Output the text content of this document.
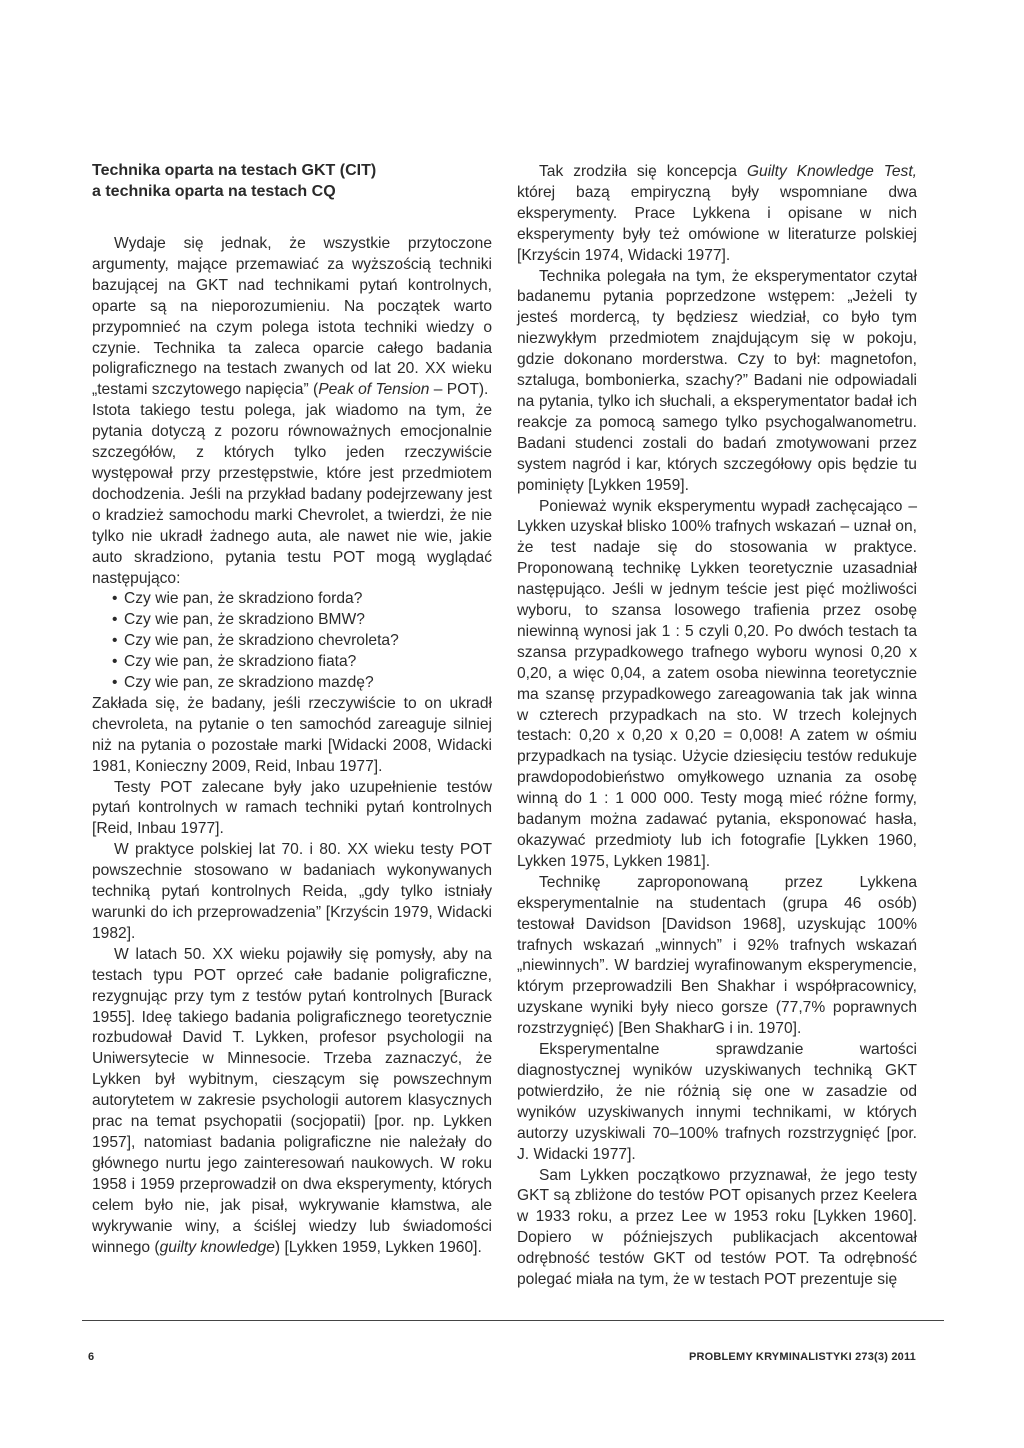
Technika oparta na testach GKT (CIT)
a technika oparta na testach CQ

Wydaje się jednak, że wszystkie przytoczone argumenty, mające przemawiać za wyższością techniki bazującej na GKT nad technikami pytań kontrolnych, oparte są na nieporozumieniu. Na początek warto przypomnieć na czym polega istota techniki wiedzy o czynie. Technika ta zaleca oparcie całego badania poligraficznego na testach zwanych od lat 20. XX wieku „testami szczytowego napięcia” (Peak of Tension – POT).

Istota takiego testu polega, jak wiadomo na tym, że pytania dotyczą z pozoru równoważnych emocjonalnie szczegółów, z których tylko jeden rzeczywiście występował przy przestępstwie, które jest przedmiotem dochodzenia. Jeśli na przykład badany podejrzewany jest o kradzież samochodu marki Chevrolet, a twierdzi, że nie tylko nie ukradł żadnego auta, ale nawet nie wie, jakie auto skradziono, pytania testu POT mogą wyglądać następująco:

• Czy wie pan, że skradziono forda?
• Czy wie pan, że skradziono BMW?
• Czy wie pan, że skradziono chevroleta?
• Czy wie pan, że skradziono fiata?
• Czy wie pan, ze skradziono mazdę?

Zakłada się, że badany, jeśli rzeczywiście to on ukradł chevroleta, na pytanie o ten samochód zareaguje silniej niż na pytania o pozostałe marki [Widacki 2008, Widacki 1981, Konieczny 2009, Reid, Inbau 1977].

Testy POT zalecane były jako uzupełnienie testów pytań kontrolnych w ramach techniki pytań kontrolnych [Reid, Inbau 1977].

W praktyce polskiej lat 70. i 80. XX wieku testy POT powszechnie stosowano w badaniach wykonywanych techniką pytań kontrolnych Reida, „gdy tylko istniały warunki do ich przeprowadzenia” [Krzyścin 1979, Widacki 1982].

W latach 50. XX wieku pojawiły się pomysły, aby na testach typu POT oprzeć całe badanie poligraficzne, rezygnując przy tym z testów pytań kontrolnych [Burack 1955]. Ideę takiego badania poligraficznego teoretycznie rozbudował David T. Lykken, profesor psychologii na Uniwersytecie w Minnesocie. Trzeba zaznaczyć, że Lykken był wybitnym, cieszącym się powszechnym autorytetem w zakresie psychologii autorem klasycznych prac na temat psychopatii (socjopatii) [por. np. Lykken 1957], natomiast badania poligraficzne nie należały do głównego nurtu jego zainteresowań naukowych. W roku 1958 i 1959 przeprowadził on dwa eksperymenty, których celem było nie, jak pisał, wykrywanie kłamstwa, ale wykrywanie winy, a ściślej wiedzy lub świadomości winnego (guilty knowledge) [Lykken 1959, Lykken 1960].

Tak zrodziła się koncepcja Guilty Knowledge Test, której bazą empiryczną były wspomniane dwa eksperymenty. Prace Lykkena i opisane w nich eksperymenty były też omówione w literaturze polskiej [Krzyścin 1974, Widacki 1977].

Technika polegała na tym, że eksperymentator czytał badanemu pytania poprzedzone wstępem: „Jeżeli ty jesteś mordercą, ty będziesz wiedział, co było tym niezwykłym przedmiotem znajdującym się w pokoju, gdzie dokonano morderstwa. Czy to był: magnetofon, sztaluga, bombonierka, szachy?” Badani nie odpowiadali na pytania, tylko ich słuchali, a eksperymentator badał ich reakcje za pomocą samego tylko psychogalwanometru. Badani studenci zostali do badań zmotywowani przez system nagród i kar, których szczegółowy opis będzie tu pominięty [Lykken 1959].

Ponieważ wynik eksperymentu wypadł zachęcająco – Lykken uzyskał blisko 100% trafnych wskazań – uznał on, że test nadaje się do stosowania w praktyce. Proponowaną technikę Lykken teoretycznie uzasadniał następująco. Jeśli w jednym teście jest pięć możliwości wyboru, to szansa losowego trafienia przez osobę niewinną wynosi jak 1 : 5 czyli 0,20. Po dwóch testach ta szansa przypadkowego trafnego wyboru wynosi 0,20 x 0,20, a więc 0,04, a zatem osoba niewinna teoretycznie ma szansę przypadkowego zareagowania tak jak winna w czterech przypadkach na sto. W trzech kolejnych testach: 0,20 x 0,20 x 0,20 = 0,008! A zatem w ośmiu przypadkach na tysiąc. Użycie dziesięciu testów redukuje prawdopodobieństwo omyłkowego uznania za osobę winną do 1 : 1 000 000. Testy mogą mieć różne formy, badanym można zadawać pytania, eksponować hasła, okazywać przedmioty lub ich fotografie [Lykken 1960, Lykken 1975, Lykken 1981].

Technikę zaproponowaną przez Lykkena eksperymentalnie na studentach (grupa 46 osób) testował Davidson [Davidson 1968], uzyskując 100% trafnych wskazań „winnych” i 92% trafnych wskazań „niewinnych”. W bardziej wyrafinowanym eksperymencie, którym przeprowadzili Ben Shakhar i współpracownicy, uzyskane wyniki były nieco gorsze (77,7% poprawnych rozstrzygnięć) [Ben ShakharG i in. 1970].

Eksperymentalne sprawdzanie wartości diagnostycznej wyników uzyskiwanych techniką GKT potwierdziło, że nie różnią się one w zasadzie od wyników uzyskiwanych innymi technikami, w których autorzy uzyskiwali 70–100% trafnych rozstrzygnięć [por. J. Widacki 1977].

Sam Lykken początkowo przyznawał, że jego testy GKT są zbliżone do testów POT opisanych przez Keelera w 1933 roku, a przez Lee w 1953 roku [Lykken 1960]. Dopiero w późniejszych publikacjach akcentował odrębność testów GKT od testów POT. Ta odrębność polegać miała na tym, że w testach POT prezentuje się

6	PROBLEMY KRYMINALISTYKI 273(3) 2011
